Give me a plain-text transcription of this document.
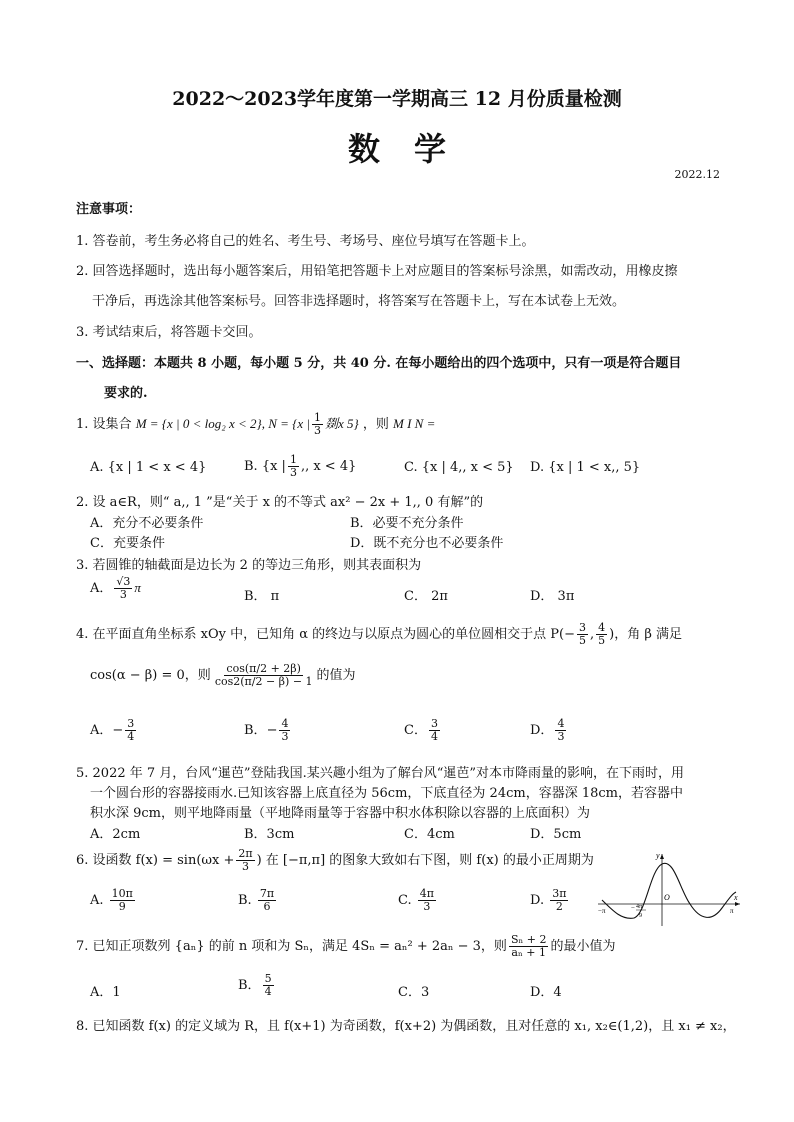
2022～2023学年度第一学期高三 12 月份质量检测
数学
2022.12
注意事项：
1. 答卷前，考生务必将自己的姓名、考生号、考场号、座位号填写在答题卡上。
2. 回答选择题时，选出每小题答案后，用铅笔把答题卡上对应题目的答案标号涂黑，如需改动，用橡皮擦
干净后，再选涂其他答案标号。回答非选择题时，将答案写在答题卡上，写在本试卷上无效。
3. 考试结束后，将答题卡交回。
一、选择题：本题共 8 小题，每小题 5 分，共 40 分. 在每小题给出的四个选项中，只有一项是符合题目
要求的.
1. 设集合 M = {x | 0 < log₂ x < 2}, N = {x | $\frac{1}{3}$ 剟x 5} ，则 M I N =
A. {x | 1 < x < 4}	B. {x | $\frac{1}{3}$ ,, x < 4}	C. {x | 4,, x < 5} D. {x | 1 < x,, 5}
2. 设 a∈R，则“ a,, 1 ”是“关于 x 的不等式 ax² − 2x + 1,, 0 有解”的
A．充分不必要条件	B．必要不充分条件
C．充要条件	D．既不充分也不必要条件
3. 若圆锥的轴截面是边长为 2 的等边三角形，则其表面积为
A． $\frac{√3}{3}$ π
B． π	C． 2π	D． 3π
4. 在平面直角坐标系 xOy 中，已知角 α 的终边与以原点为圆心的单位圆相交于点 $P(- \frac{3}{5}$ , $\frac{4}{5}$ )，角 β 满足
cos(α − β) = 0，则 $\frac{\cos(\pi/2 + 2\beta)}{\cos 2(\pi/2 - \beta) - 1}$ 的值为
A．− $\frac{3}{4}$	B．− $\frac{4}{3}$	C． $\frac{3}{4}$	D． $\frac{4}{3}$
5. 2022 年 7 月，台风“暹芭”登陆我国.某兴趣小组为了解台风“暹芭”对本市降雨量的影响，在下雨时，用
一个圆台形的容器接雨水.已知该容器上底直径为 56cm，下底直径为 24cm，容器深 18cm，若容器中
积水深 9cm，则平地降雨量（平地降雨量等于容器中积水体积除以容器的上底面积）为
A．2cm	B．3cm	C．4cm	D．5cm
6. 设函数 $f(x) = \sin(\omega x + \frac{2\pi}{3}$ ) 在 [−π,π] 的图象大致如右下图，则 f(x) 的最小正周期为
A. $\frac{10\pi}{9}$	B. $\frac{7\pi}{6}$	C. $\frac{4\pi}{3}$	D. $\frac{3\pi}{2}$
y
x
O
−π	π
− 4π
9
7. 已知正项数列 {aₙ} 的前 n 项和为 Sₙ，满足 4Sₙ = aₙ² + 2aₙ − 3，则 $\frac{\text{Sₙ + 2}}{\text{aₙ + 1}}$ 的最小值为
A．1	B． $\frac{5}{4}$	C．3	D．4
8. 已知函数 f(x) 的定义域为 R，且 f(x+1) 为奇函数，f(x+2) 为偶函数，且对任意的 x₁, x₂∈(1,2)，且 x₁ ≠ x₂，
